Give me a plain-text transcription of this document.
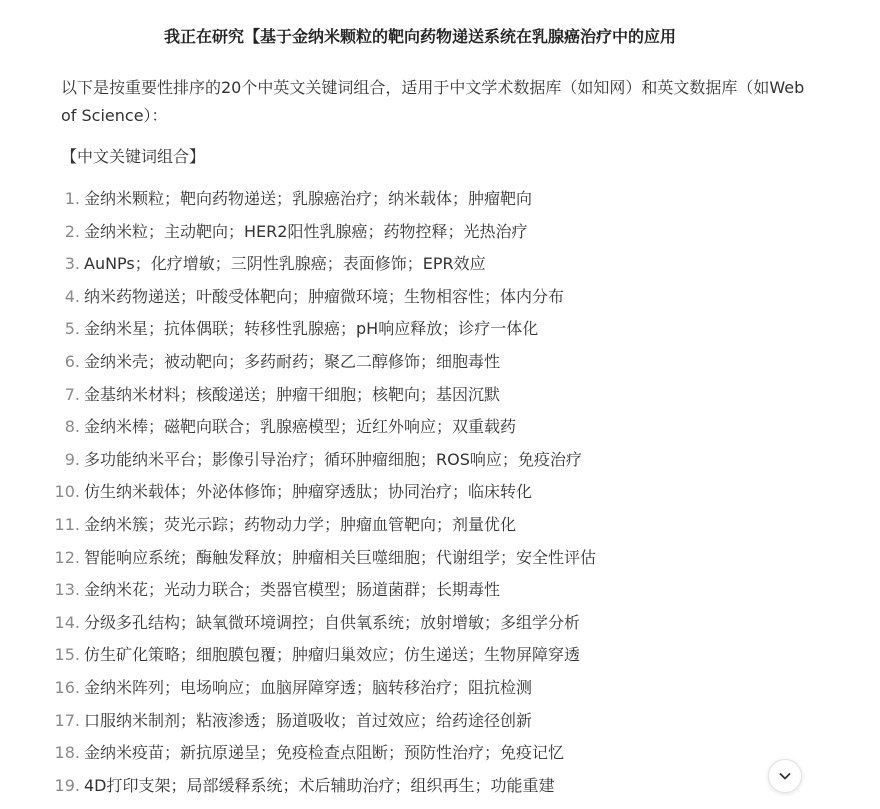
我正在研究【基于金纳米颗粒的靶向药物递送系统在乳腺癌治疗中的应用
以下是按重要性排序的20个中英文关键词组合，适用于中文学术数据库（如知网）和英文数据库（如Web of Science）：
【中文关键词组合】
1. 金纳米颗粒；靶向药物递送；乳腺癌治疗；纳米载体；肿瘤靶向
2. 金纳米粒；主动靶向；HER2阳性乳腺癌；药物控释；光热治疗
3. AuNPs；化疗增敏；三阴性乳腺癌；表面修饰；EPR效应
4. 纳米药物递送；叶酸受体靶向；肿瘤微环境；生物相容性；体内分布
5. 金纳米星；抗体偶联；转移性乳腺癌；pH响应释放；诊疗一体化
6. 金纳米壳；被动靶向；多药耐药；聚乙二醇修饰；细胞毒性
7. 金基纳米材料；核酸递送；肿瘤干细胞；核靶向；基因沉默
8. 金纳米棒；磁靶向联合；乳腺癌模型；近红外响应；双重载药
9. 多功能纳米平台；影像引导治疗；循环肿瘤细胞；ROS响应；免疫治疗
10. 仿生纳米载体；外泌体修饰；肿瘤穿透肽；协同治疗；临床转化
11. 金纳米簇；荧光示踪；药物动力学；肿瘤血管靶向；剂量优化
12. 智能响应系统；酶触发释放；肿瘤相关巨噬细胞；代谢组学；安全性评估
13. 金纳米花；光动力联合；类器官模型；肠道菌群；长期毒性
14. 分级多孔结构；缺氧微环境调控；自供氧系统；放射增敏；多组学分析
15. 仿生矿化策略；细胞膜包覆；肿瘤归巢效应；仿生递送；生物屏障穿透
16. 金纳米阵列；电场响应；血脑屏障穿透；脑转移治疗；阻抗检测
17. 口服纳米制剂；粘液渗透；肠道吸收；首过效应；给药途径创新
18. 金纳米疫苗；新抗原递呈；免疫检查点阻断；预防性治疗；免疫记忆
19. 4D打印支架；局部缓释系统；术后辅助治疗；组织再生；功能重建
